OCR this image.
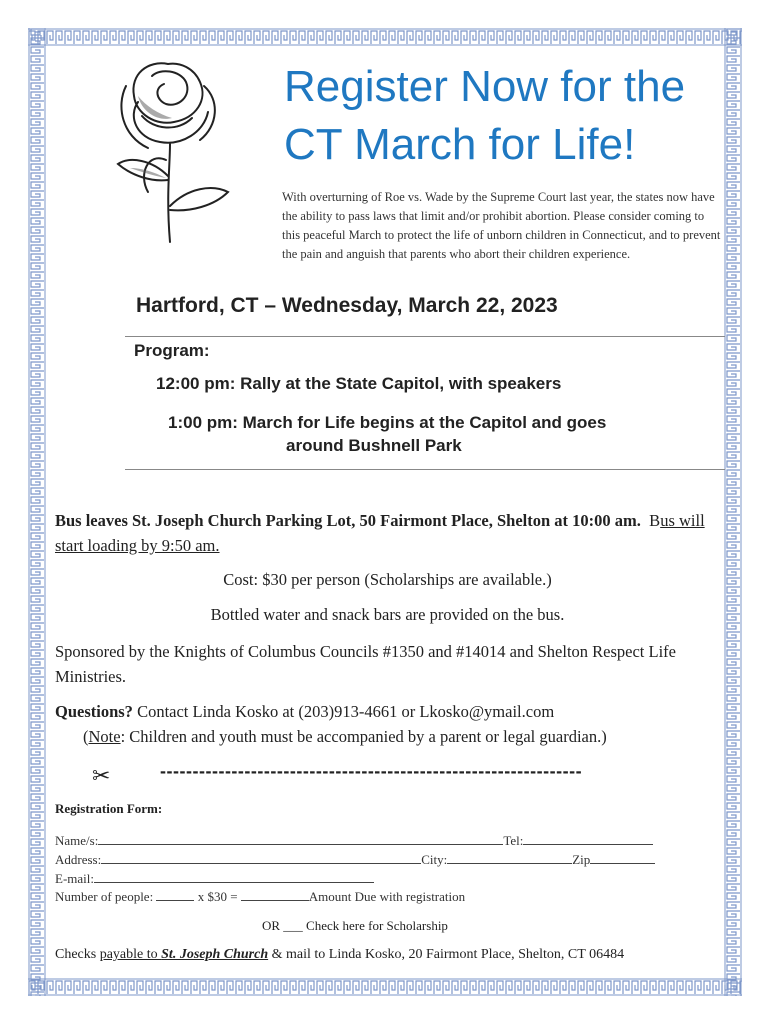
Register Now for the
CT March for Life!
With overturning of Roe vs. Wade by the Supreme Court last year, the states now have the ability to pass laws that limit and/or prohibit abortion. Please consider coming to this peaceful March to protect the life of unborn children in Connecticut, and to prevent the pain and anguish that parents who abort their children experience.
Hartford, CT – Wednesday, March 22, 2023
Program:
12:00 pm: Rally at the State Capitol, with speakers
1:00 pm: March for Life begins at the Capitol and goes
around Bushnell Park
Bus leaves St. Joseph Church Parking Lot, 50 Fairmont Place, Shelton at 10:00 am. Bus will start loading by 9:50 am.
Cost: $30 per person (Scholarships are available.)
Bottled water and snack bars are provided on the bus.
Sponsored by the Knights of Columbus Councils #1350 and #14014 and Shelton Respect Life Ministries.
Questions? Contact Linda Kosko at (203)913-4661 or Lkosko@ymail.com
(Note: Children and youth must be accompanied by a parent or legal guardian.)
✂	-----------------------------------------------------------------
Registration Form:
Name/s:	Tel:
Address:	City:	Zip
E-mail:
Number of people:	x $30 =	Amount Due with registration
OR ___ Check here for Scholarship
Checks payable to St. Joseph Church & mail to Linda Kosko, 20 Fairmont Place, Shelton, CT 06484
